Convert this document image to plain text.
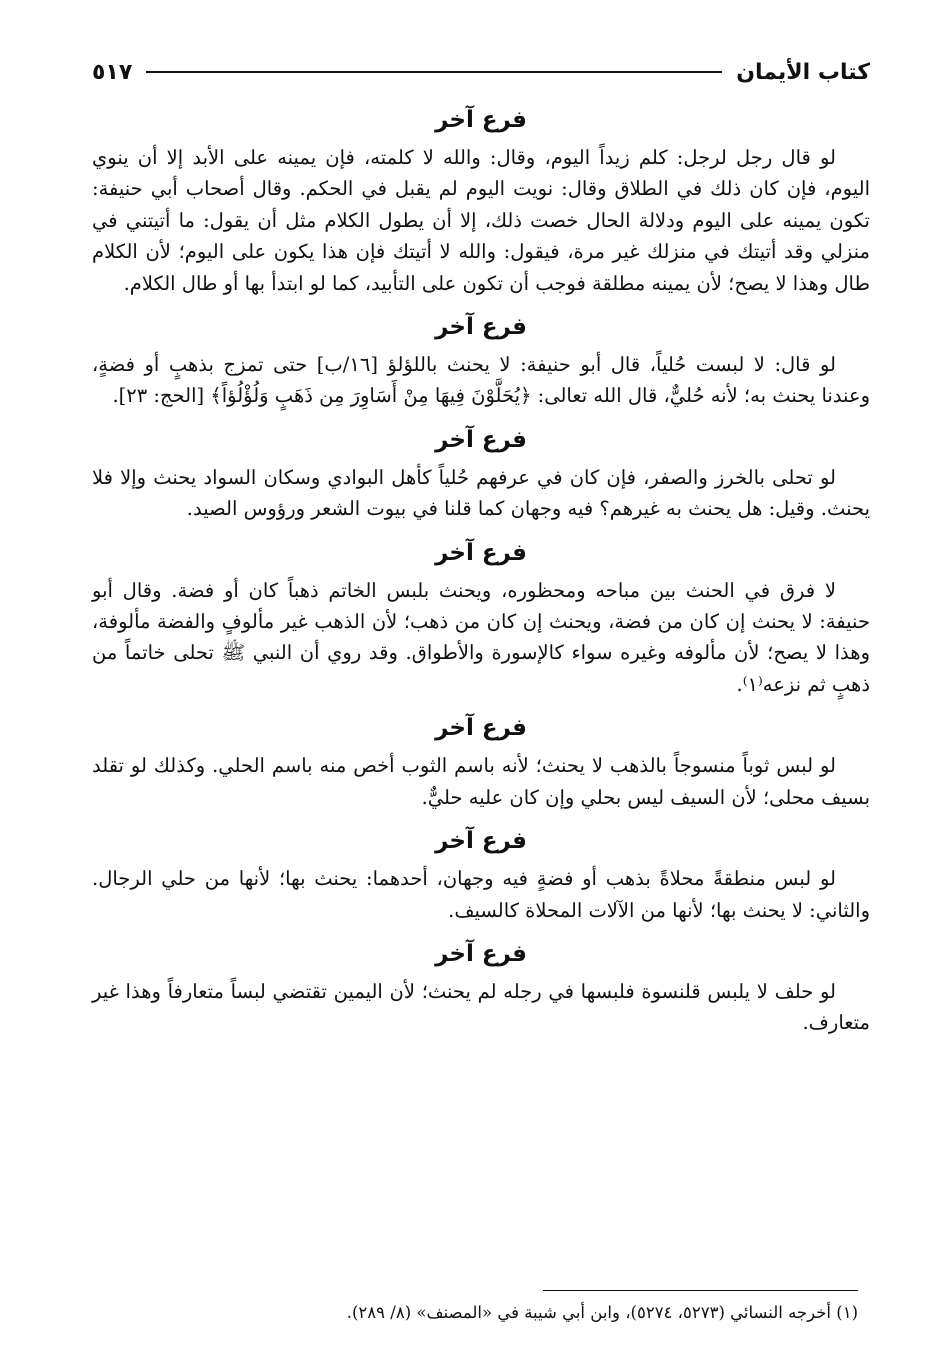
كتاب الأيمان
٥١٧
فرع آخر

لو قال رجل لرجل: كلم زيداً اليوم، وقال: والله لا كلمته، فإن يمينه على الأبد إلا أن ينوي اليوم، فإن كان ذلك في الطلاق وقال: نويت اليوم لم يقبل في الحكم. وقال أصحاب أبي حنيفة: تكون يمينه على اليوم ودلالة الحال خصت ذلك، إلا أن يطول الكلام مثل أن يقول: ما أتيتني في منزلي وقد أتيتك في منزلك غير مرة، فيقول: والله لا أتيتك فإن هذا يكون على اليوم؛ لأن الكلام طال وهذا لا يصح؛ لأن يمينه مطلقة فوجب أن تكون على التأبيد، كما لو ابتدأ بها أو طال الكلام.

فرع آخر

لو قال: لا لبست حُلياً، قال أبو حنيفة: لا يحنث باللؤلؤ [١٦/ب] حتى تمزج بذهبٍ أو فضةٍ، وعندنا يحنث به؛ لأنه حُليٌّ، قال الله تعالى: ﴿يُحَلَّوْنَ فِيهَا مِنْ أَسَاوِرَ مِن ذَهَبٍ وَلُؤْلُؤاً﴾ [الحج: ٢٣].

فرع آخر

لو تحلى بالخرز والصفر، فإن كان في عرفهم حُلياً كأهل البوادي وسكان السواد يحنث وإلا فلا يحنث. وقيل: هل يحنث به غيرهم؟ فيه وجهان كما قلنا في بيوت الشعر ورؤوس الصيد.

فرع آخر

لا فرق في الحنث بين مباحه ومحظوره، ويحنث بلبس الخاتم ذهباً كان أو فضة. وقال أبو حنيفة: لا يحنث إن كان من فضة، ويحنث إن كان من ذهب؛ لأن الذهب غير مألوفٍ والفضة مألوفة، وهذا لا يصح؛ لأن مألوفه وغيره سواء كالإسورة والأطواق. وقد روي أن النبي ﷺ تحلى خاتماً من ذهبٍ ثم نزعه⁽١⁾.

فرع آخر

لو لبس ثوباً منسوجاً بالذهب لا يحنث؛ لأنه باسم الثوب أخص منه باسم الحلي. وكذلك لو تقلد بسيف محلى؛ لأن السيف ليس بحلي وإن كان عليه حليٌّ.

فرع آخر

لو لبس منطقةً محلاةً بذهب أو فضةٍ فيه وجهان، أحدهما: يحنث بها؛ لأنها من حلي الرجال. والثاني: لا يحنث بها؛ لأنها من الآلات المحلاة كالسيف.

فرع آخر

لو حلف لا يلبس قلنسوة فلبسها في رجله لم يحنث؛ لأن اليمين تقتضي لبساً متعارفاً وهذا غير متعارف.

(١) أخرجه النسائي (٥٢٧٣، ٥٢٧٤)، وابن أبي شيبة في «المصنف» (٨/ ٢٨٩).
